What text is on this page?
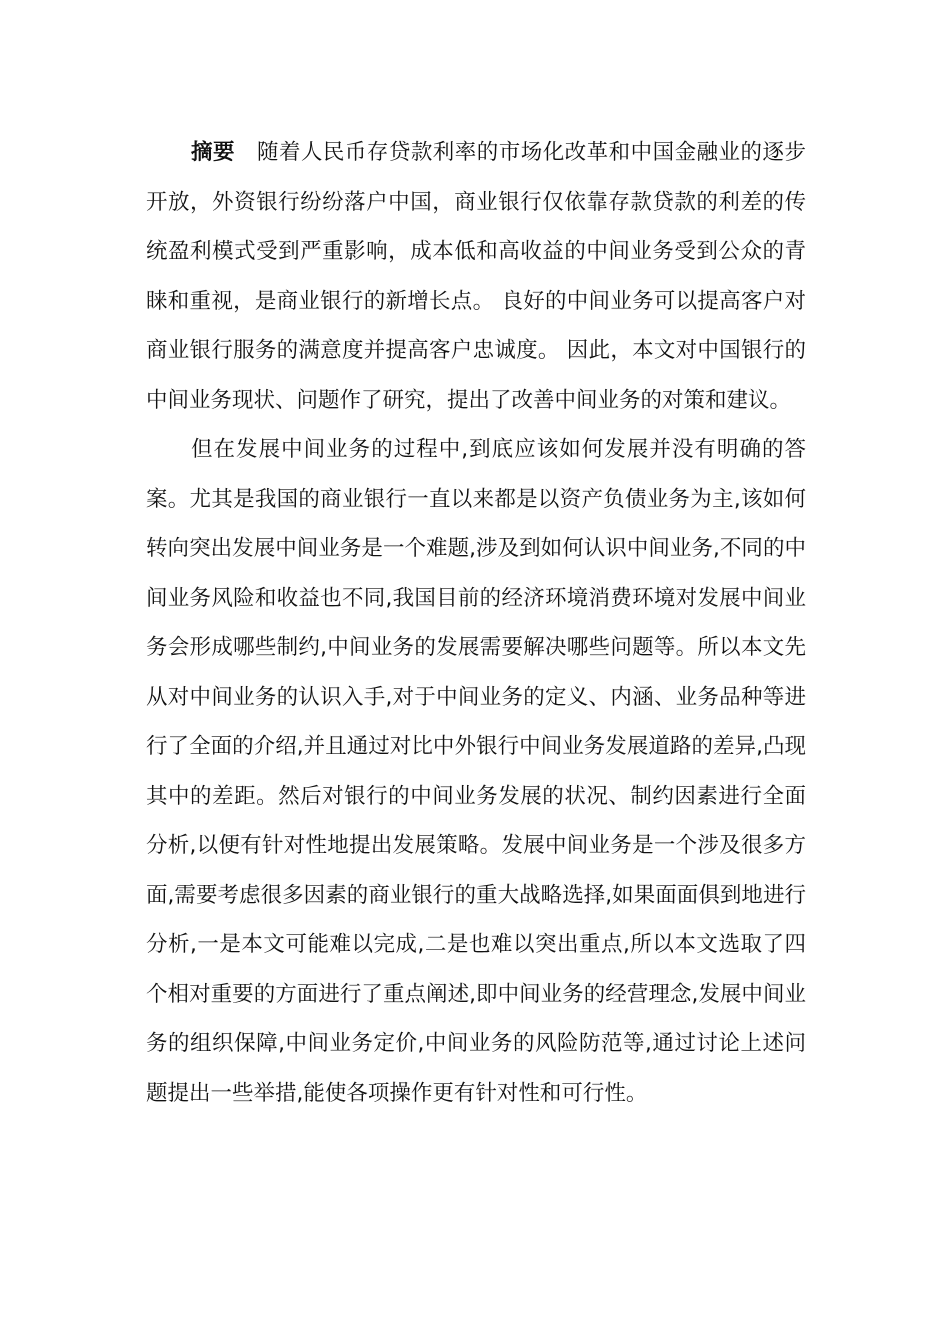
摘要 随着人民币存贷款利率的市场化改革和中国金融业的逐步开放，外资银行纷纷落户中国，商业银行仅依靠存款贷款的利差的传统盈利模式受到严重影响，成本低和高收益的中间业务受到公众的青睐和重视，是商业银行的新增长点。 良好的中间业务可以提高客户对商业银行服务的满意度并提高客户忠诚度。 因此，本文对中国银行的中间业务现状、问题作了研究，提出了改善中间业务的对策和建议。

但在发展中间业务的过程中,到底应该如何发展并没有明确的答案。尤其是我国的商业银行一直以来都是以资产负债业务为主,该如何转向突出发展中间业务是一个难题,涉及到如何认识中间业务,不同的中间业务风险和收益也不同,我国目前的经济环境消费环境对发展中间业务会形成哪些制约,中间业务的发展需要解决哪些问题等。所以本文先从对中间业务的认识入手,对于中间业务的定义、内涵、业务品种等进行了全面的介绍,并且通过对比中外银行中间业务发展道路的差异,凸现其中的差距。然后对银行的中间业务发展的状况、制约因素进行全面分析,以便有针对性地提出发展策略。发展中间业务是一个涉及很多方面,需要考虑很多因素的商业银行的重大战略选择,如果面面俱到地进行分析,一是本文可能难以完成,二是也难以突出重点,所以本文选取了四个相对重要的方面进行了重点阐述,即中间业务的经营理念,发展中间业务的组织保障,中间业务定价,中间业务的风险防范等,通过讨论上述问题提出一些举措,能使各项操作更有针对性和可行性。
